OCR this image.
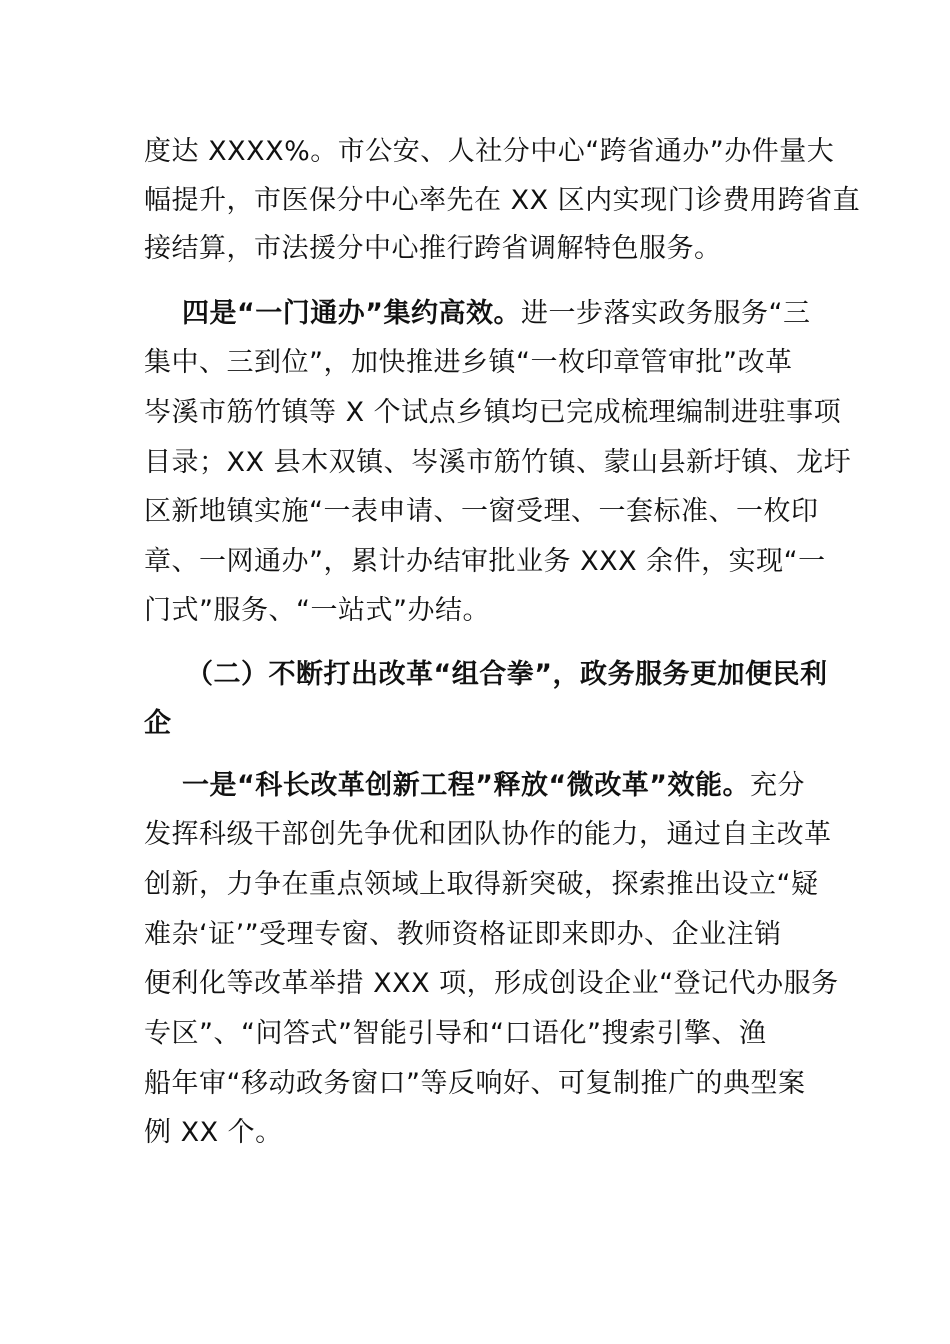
度达 XXXX%。市公安、人社分中心“跨省通办”办件量大
幅提升，市医保分中心率先在 XX 区内实现门诊费用跨省直
接结算，市法援分中心推行跨省调解特色服务。
四是“一门通办”集约高效。进一步落实政务服务“三
集中、三到位”，加快推进乡镇“一枚印章管审批”改革
岑溪市筋竹镇等 X 个试点乡镇均已完成梳理编制进驻事项
目录；XX 县木双镇、岑溪市筋竹镇、蒙山县新圩镇、龙圩
区新地镇实施“一表申请、一窗受理、一套标准、一枚印
章、一网通办”，累计办结审批业务 XXX 余件，实现“一
门式”服务、“一站式”办结。
（二）不断打出改革“组合拳”，政务服务更加便民利
企
一是“科长改革创新工程”释放“微改革”效能。充分
发挥科级干部创先争优和团队协作的能力，通过自主改革
创新，力争在重点领域上取得新突破，探索推出设立“疑
难杂‘证’”受理专窗、教师资格证即来即办、企业注销
便利化等改革举措 XXX 项，形成创设企业“登记代办服务
专区”、“问答式”智能引导和“口语化”搜索引擎、渔
船年审“移动政务窗口”等反响好、可复制推广的典型案
例 XX 个。
